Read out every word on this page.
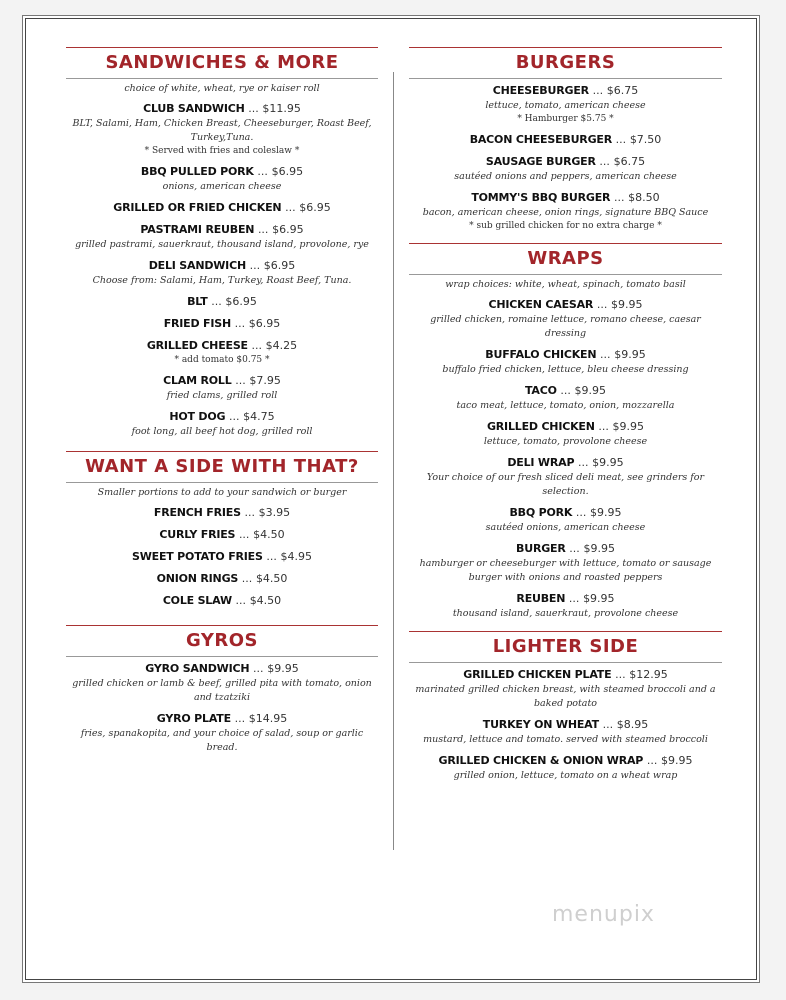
SANDWICHES & MORE
choice of white, wheat, rye or kaiser roll
CLUB SANDWICH ... $11.95
BLT, Salami, Ham, Chicken Breast, Cheeseburger, Roast Beef, Turkey,Tuna.
* Served with fries and coleslaw *
BBQ PULLED PORK ... $6.95
onions, american cheese
GRILLED OR FRIED CHICKEN ... $6.95
PASTRAMI REUBEN ... $6.95
grilled pastrami, sauerkraut, thousand island, provolone, rye
DELI SANDWICH ... $6.95
Choose from: Salami, Ham, Turkey, Roast Beef, Tuna.
BLT ... $6.95
FRIED FISH ... $6.95
GRILLED CHEESE ... $4.25
* add tomato $0.75 *
CLAM ROLL ... $7.95
fried clams, grilled roll
HOT DOG ... $4.75
foot long, all beef hot dog, grilled roll
WANT A SIDE WITH THAT?
Smaller portions to add to your sandwich or burger
FRENCH FRIES ... $3.95
CURLY FRIES ... $4.50
SWEET POTATO FRIES ... $4.95
ONION RINGS ... $4.50
COLE SLAW ... $4.50
GYROS
GYRO SANDWICH ... $9.95
grilled chicken or lamb & beef, grilled pita with tomato, onion and tzatziki
GYRO PLATE ... $14.95
fries, spanakopita, and your choice of salad, soup or garlic bread.
BURGERS
CHEESEBURGER ... $6.75
lettuce, tomato, american cheese
* Hamburger $5.75 *
BACON CHEESEBURGER ... $7.50
SAUSAGE BURGER ... $6.75
sautéed onions and peppers, american cheese
TOMMY'S BBQ BURGER ... $8.50
bacon, american cheese, onion rings, signature BBQ Sauce
* sub grilled chicken for no extra charge *
WRAPS
wrap choices: white, wheat, spinach, tomato basil
CHICKEN CAESAR ... $9.95
grilled chicken, romaine lettuce, romano cheese, caesar dressing
BUFFALO CHICKEN ... $9.95
buffalo fried chicken, lettuce, bleu cheese dressing
TACO ... $9.95
taco meat, lettuce, tomato, onion, mozzarella
GRILLED CHICKEN ... $9.95
lettuce, tomato, provolone cheese
DELI WRAP ... $9.95
Your choice of our fresh sliced deli meat, see grinders for selection.
BBQ PORK ... $9.95
sautéed onions, american cheese
BURGER ... $9.95
hamburger or cheeseburger with lettuce, tomato or sausage burger with onions and roasted peppers
REUBEN ... $9.95
thousand island, sauerkraut, provolone cheese
LIGHTER SIDE
GRILLED CHICKEN PLATE ... $12.95
marinated grilled chicken breast, with steamed broccoli and a baked potato
TURKEY ON WHEAT ... $8.95
mustard, lettuce and tomato. served with steamed broccoli
GRILLED CHICKEN & ONION WRAP ... $9.95
grilled onion, lettuce, tomato on a wheat wrap
menupix
